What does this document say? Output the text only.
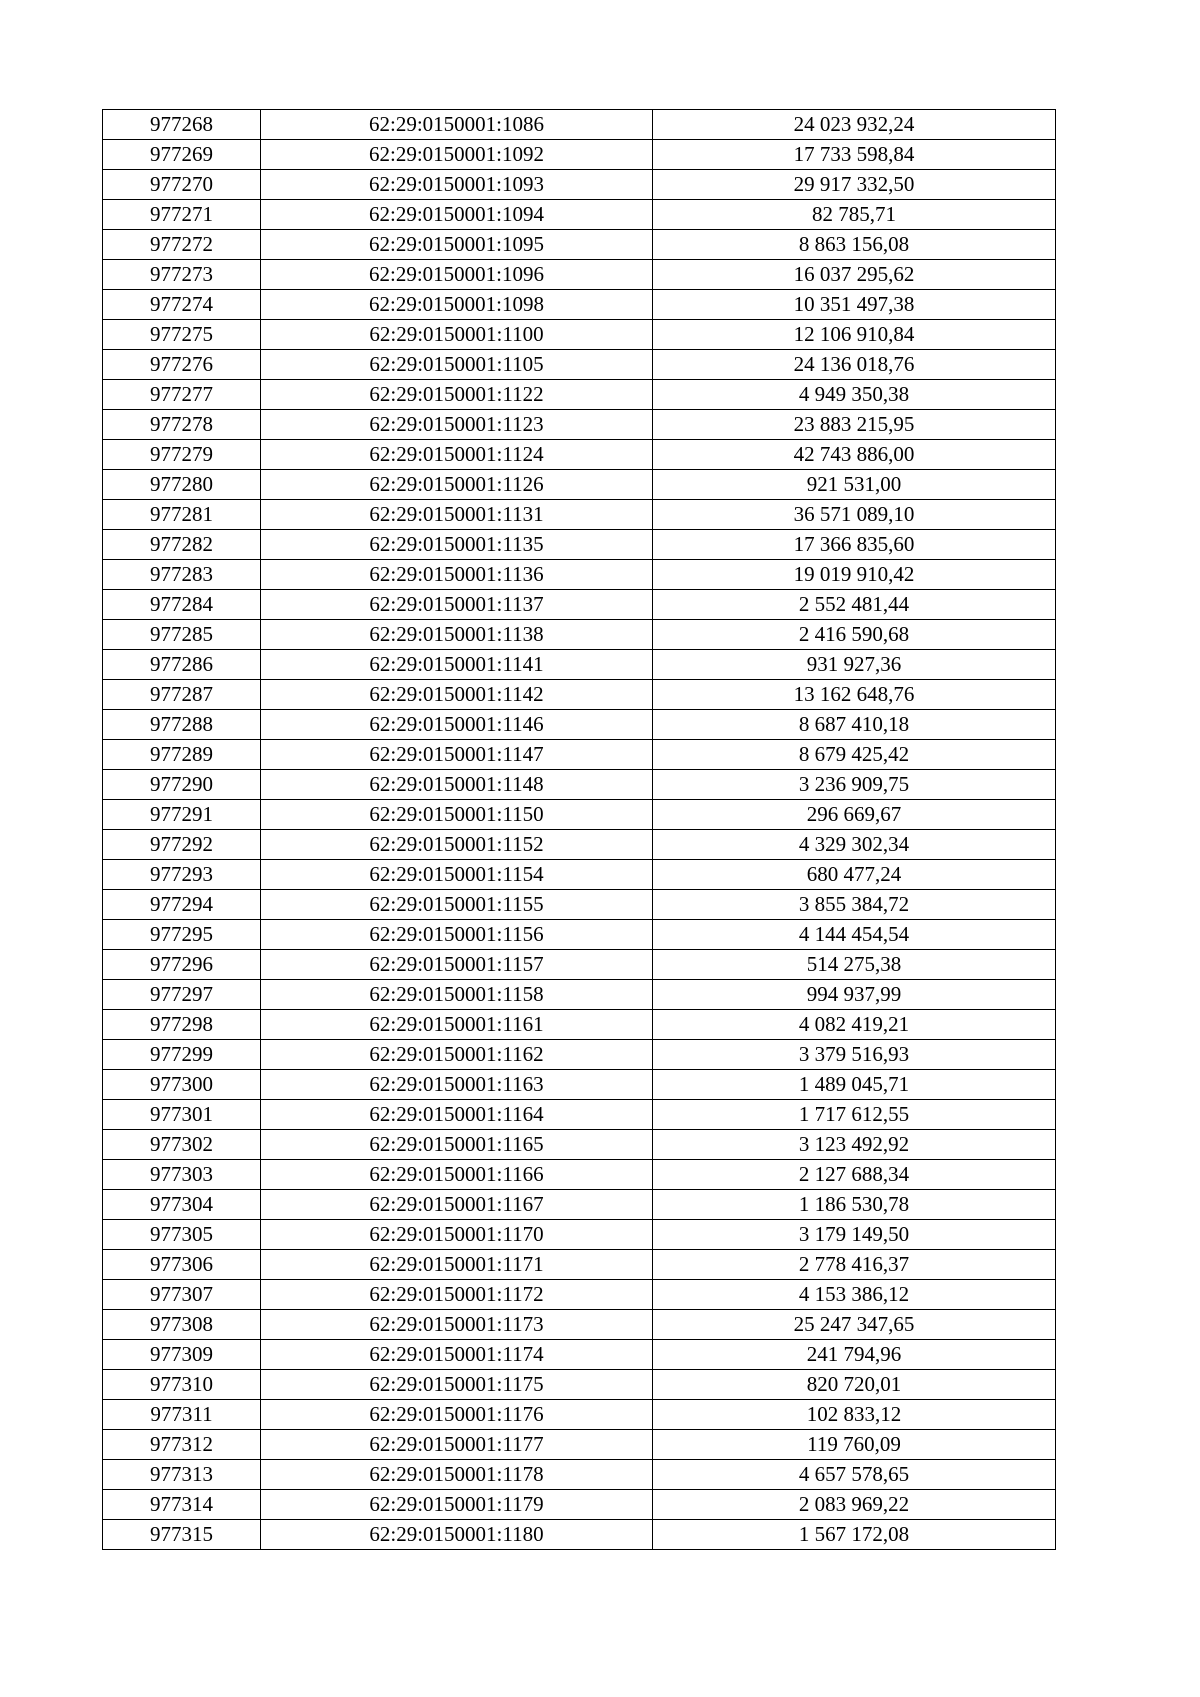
977268	62:29:0150001:1086	24 023 932,24
977269	62:29:0150001:1092	17 733 598,84
977270	62:29:0150001:1093	29 917 332,50
977271	62:29:0150001:1094	82 785,71
977272	62:29:0150001:1095	8 863 156,08
977273	62:29:0150001:1096	16 037 295,62
977274	62:29:0150001:1098	10 351 497,38
977275	62:29:0150001:1100	12 106 910,84
977276	62:29:0150001:1105	24 136 018,76
977277	62:29:0150001:1122	4 949 350,38
977278	62:29:0150001:1123	23 883 215,95
977279	62:29:0150001:1124	42 743 886,00
977280	62:29:0150001:1126	921 531,00
977281	62:29:0150001:1131	36 571 089,10
977282	62:29:0150001:1135	17 366 835,60
977283	62:29:0150001:1136	19 019 910,42
977284	62:29:0150001:1137	2 552 481,44
977285	62:29:0150001:1138	2 416 590,68
977286	62:29:0150001:1141	931 927,36
977287	62:29:0150001:1142	13 162 648,76
977288	62:29:0150001:1146	8 687 410,18
977289	62:29:0150001:1147	8 679 425,42
977290	62:29:0150001:1148	3 236 909,75
977291	62:29:0150001:1150	296 669,67
977292	62:29:0150001:1152	4 329 302,34
977293	62:29:0150001:1154	680 477,24
977294	62:29:0150001:1155	3 855 384,72
977295	62:29:0150001:1156	4 144 454,54
977296	62:29:0150001:1157	514 275,38
977297	62:29:0150001:1158	994 937,99
977298	62:29:0150001:1161	4 082 419,21
977299	62:29:0150001:1162	3 379 516,93
977300	62:29:0150001:1163	1 489 045,71
977301	62:29:0150001:1164	1 717 612,55
977302	62:29:0150001:1165	3 123 492,92
977303	62:29:0150001:1166	2 127 688,34
977304	62:29:0150001:1167	1 186 530,78
977305	62:29:0150001:1170	3 179 149,50
977306	62:29:0150001:1171	2 778 416,37
977307	62:29:0150001:1172	4 153 386,12
977308	62:29:0150001:1173	25 247 347,65
977309	62:29:0150001:1174	241 794,96
977310	62:29:0150001:1175	820 720,01
977311	62:29:0150001:1176	102 833,12
977312	62:29:0150001:1177	119 760,09
977313	62:29:0150001:1178	4 657 578,65
977314	62:29:0150001:1179	2 083 969,22
977315	62:29:0150001:1180	1 567 172,08
